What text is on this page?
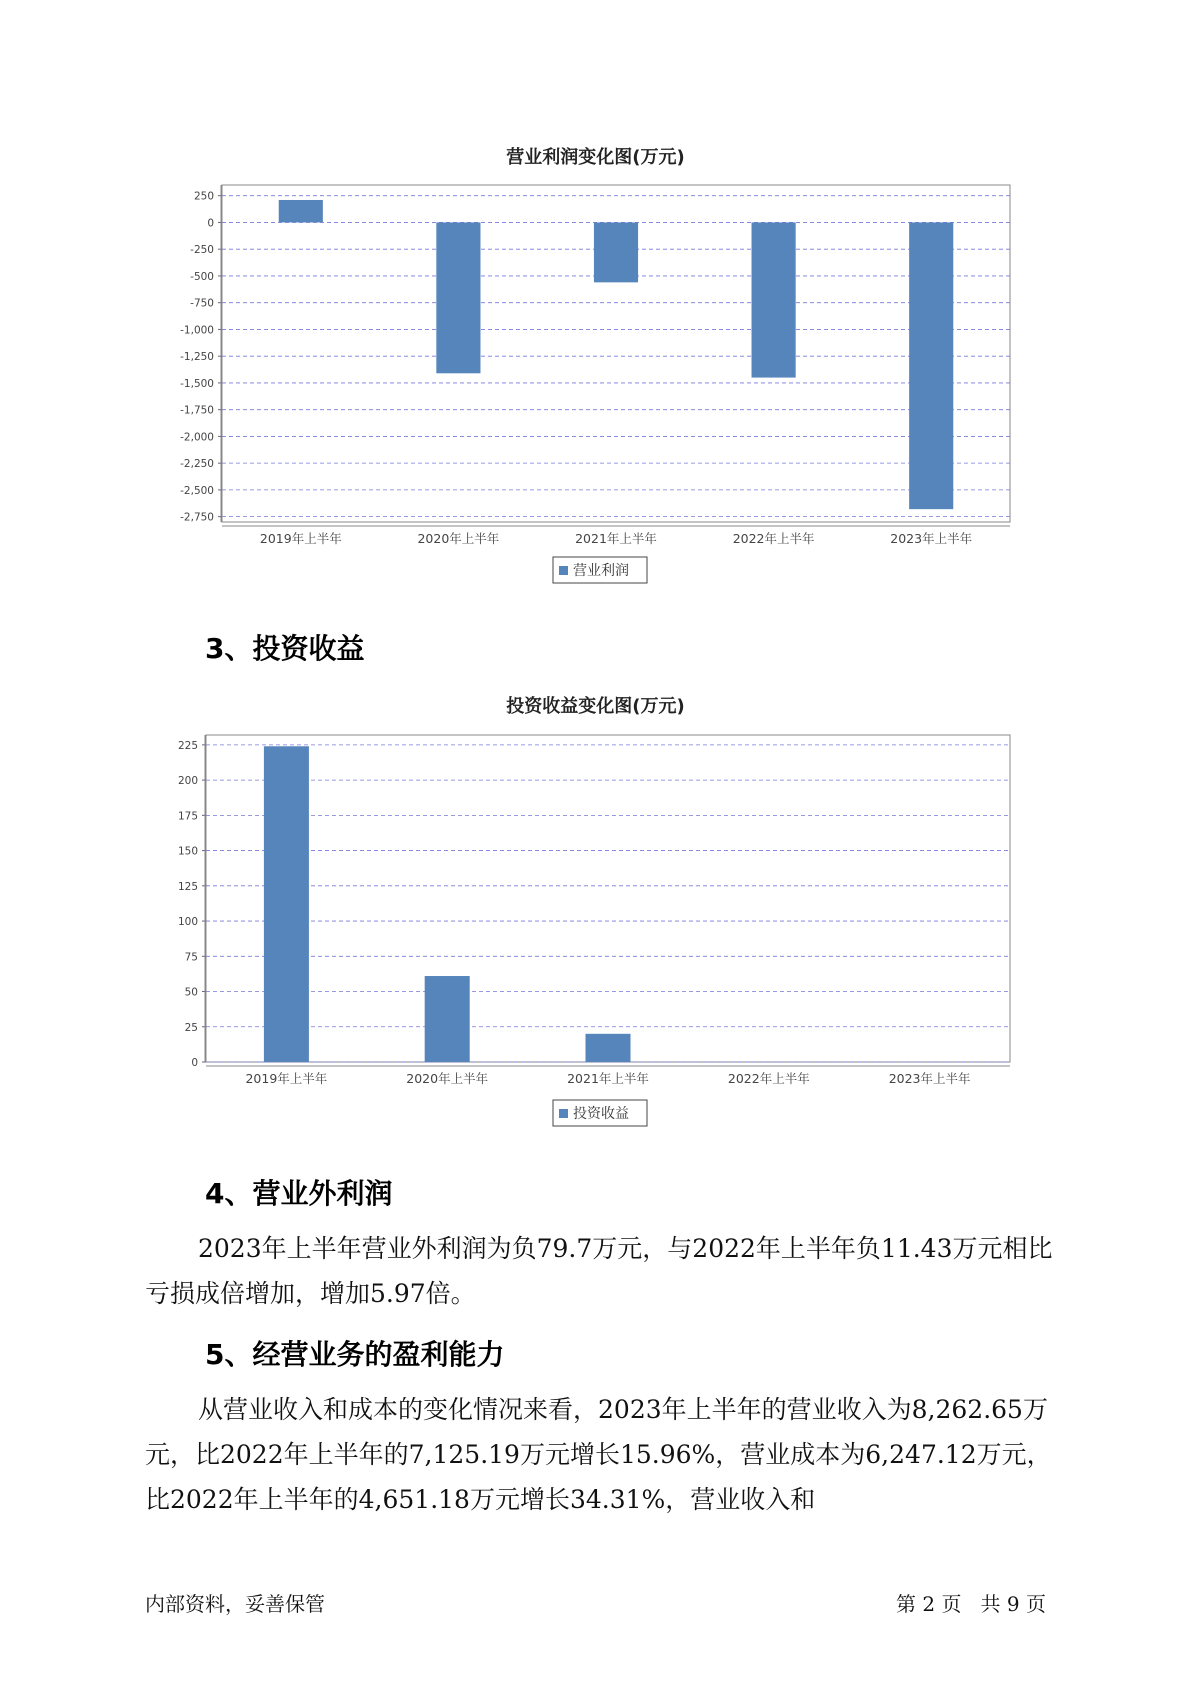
营业利润变化图(万元)
250
0
-250
-500
-750
-1,000
-1,250
-1,500
-1,750
-2,000
-2,250
-2,500
-2,750
2019年上半年	2020年上半年	2021年上半年	2022年上半年	2023年上半年
营业利润
3、投资收益
投资收益变化图(万元)
225
200
175
150
125
100
75
50
25
0
2019年上半年	2020年上半年	2021年上半年	2022年上半年	2023年上半年
投资收益
4、营业外利润

2023年上半年营业外利润为负79.7万元，与2022年上半年负11.43万元相比亏损成倍增加，增加5.97倍。

5、经营业务的盈利能力

从营业收入和成本的变化情况来看，2023年上半年的营业收入为8,262.65万元，比2022年上半年的7,125.19万元增长15.96%，营业成本为6,247.12万元，比2022年上半年的4,651.18万元增长34.31%，营业收入和

内部资料，妥善保管	第 2 页   共 9 页
